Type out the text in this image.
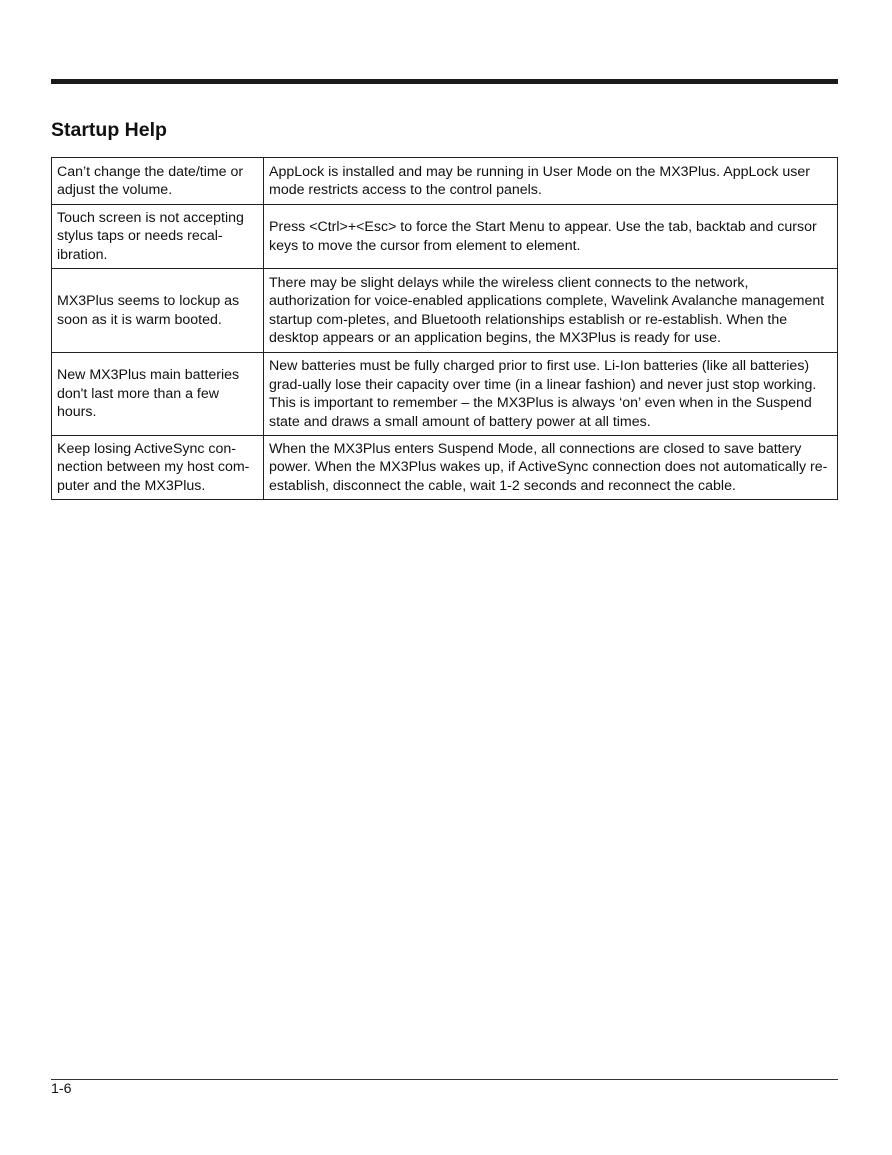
Startup Help
Can’t change the date/time or adjust the volume.	AppLock is installed and may be running in User Mode on the MX3Plus. AppLock user mode restricts access to the control panels.
Touch screen is not accepting stylus taps or needs recal-ibration.	Press <Ctrl>+<Esc> to force the Start Menu to appear. Use the tab, backtab and cursor keys to move the cursor from element to element.
MX3Plus seems to lockup as soon as it is warm booted.	There may be slight delays while the wireless client connects to the network, authorization for voice-enabled applications complete, Wavelink Avalanche management startup com-pletes, and Bluetooth relationships establish or re-establish. When the desktop appears or an application begins, the MX3Plus is ready for use.
New MX3Plus main batteries don't last more than a few hours.	New batteries must be fully charged prior to first use. Li-Ion batteries (like all batteries) grad-ually lose their capacity over time (in a linear fashion) and never just stop working. This is important to remember – the MX3Plus is always ‘on’ even when in the Suspend state and draws a small amount of battery power at all times.
Keep losing ActiveSync con-nection between my host com-puter and the MX3Plus.	When the MX3Plus enters Suspend Mode, all connections are closed to save battery power. When the MX3Plus wakes up, if ActiveSync connection does not automatically re-establish, disconnect the cable, wait 1-2 seconds and reconnect the cable.
1-6
